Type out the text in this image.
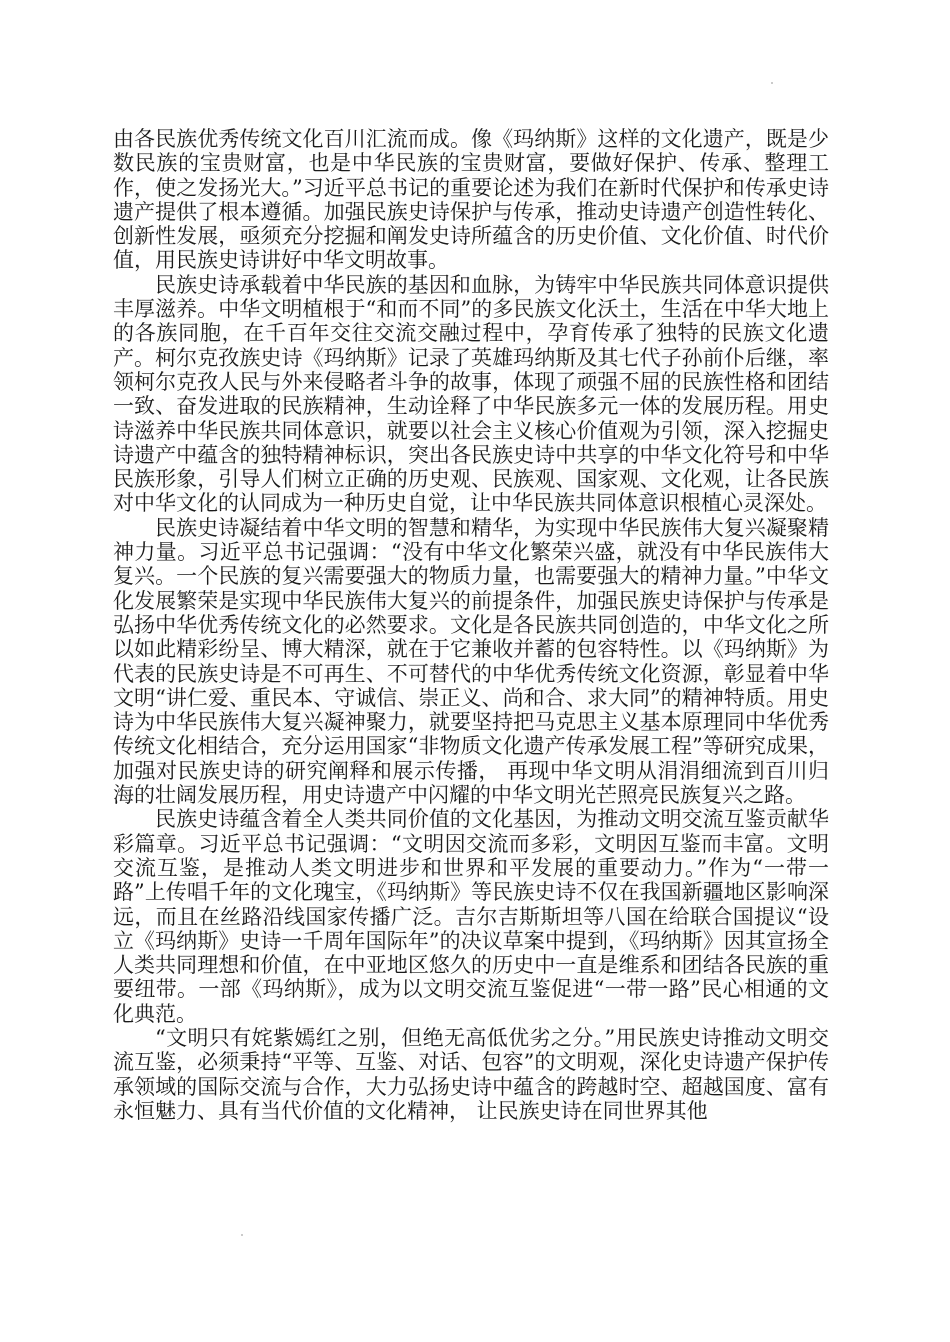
由各民族优秀传统文化百川汇流而成。像《玛纳斯》这样的文化遗产，既是少数民族的宝贵财富，也是中华民族的宝贵财富，要做好保护、传承、整理工作，使之发扬光大。”习近平总书记的重要论述为我们在新时代保护和传承史诗遗产提供了根本遵循。加强民族史诗保护与传承，推动史诗遗产创造性转化、创新性发展，亟须充分挖掘和阐发史诗所蕴含的历史价值、文化价值、时代价值，用民族史诗讲好中华文明故事。

民族史诗承载着中华民族的基因和血脉，为铸牢中华民族共同体意识提供丰厚滋养。中华文明植根于“和而不同”的多民族文化沃土，生活在中华大地上的各族同胞，在千百年交往交流交融过程中，孕育传承了独特的民族文化遗产。柯尔克孜族史诗《玛纳斯》记录了英雄玛纳斯及其七代子孙前仆后继，率领柯尔克孜人民与外来侵略者斗争的故事，体现了顽强不屈的民族性格和团结一致、奋发进取的民族精神，生动诠释了中华民族多元一体的发展历程。用史诗滋养中华民族共同体意识，就要以社会主义核心价值观为引领，深入挖掘史诗遗产中蕴含的独特精神标识，突出各民族史诗中共享的中华文化符号和中华民族形象，引导人们树立正确的历史观、民族观、国家观、文化观，让各民族对中华文化的认同成为一种历史自觉，让中华民族共同体意识根植心灵深处。

民族史诗凝结着中华文明的智慧和精华，为实现中华民族伟大复兴凝聚精神力量。习近平总书记强调：“没有中华文化繁荣兴盛，就没有中华民族伟大复兴。一个民族的复兴需要强大的物质力量，也需要强大的精神力量。”中华文化发展繁荣是实现中华民族伟大复兴的前提条件，加强民族史诗保护与传承是弘扬中华优秀传统文化的必然要求。文化是各民族共同创造的，中华文化之所以如此精彩纷呈、博大精深，就在于它兼收并蓄的包容特性。以《玛纳斯》为代表的民族史诗是不可再生、不可替代的中华优秀传统文化资源，彰显着中华文明“讲仁爱、重民本、守诚信、崇正义、尚和合、求大同”的精神特质。用史诗为中华民族伟大复兴凝神聚力，就要坚持把马克思主义基本原理同中华优秀传统文化相结合，充分运用国家“非物质文化遗产传承发展工程”等研究成果，加强对民族史诗的研究阐释和展示传播， 再现中华文明从涓涓细流到百川归海的壮阔发展历程，用史诗遗产中闪耀的中华文明光芒照亮民族复兴之路。

民族史诗蕴含着全人类共同价值的文化基因，为推动文明交流互鉴贡献华彩篇章。习近平总书记强调：“文明因交流而多彩，文明因互鉴而丰富。文明交流互鉴，是推动人类文明进步和世界和平发展的重要动力。”作为“一带一路”上传唱千年的文化瑰宝，《玛纳斯》等民族史诗不仅在我国新疆地区影响深远，而且在丝路沿线国家传播广泛。吉尔吉斯斯坦等八国在给联合国提议“设立《玛纳斯》史诗一千周年国际年”的决议草案中提到，《玛纳斯》因其宣扬全人类共同理想和价值，在中亚地区悠久的历史中一直是维系和团结各民族的重要纽带。一部《玛纳斯》，成为以文明交流互鉴促进“一带一路”民心相通的文化典范。

“文明只有姹紫嫣红之别，但绝无高低优劣之分。”用民族史诗推动文明交流互鉴，必须秉持“平等、互鉴、对话、包容”的文明观，深化史诗遗产保护传承领域的国际交流与合作，大力弘扬史诗中蕴含的跨越时空、超越国度、富有永恒魅力、具有当代价值的文化精神， 让民族史诗在同世界其他
